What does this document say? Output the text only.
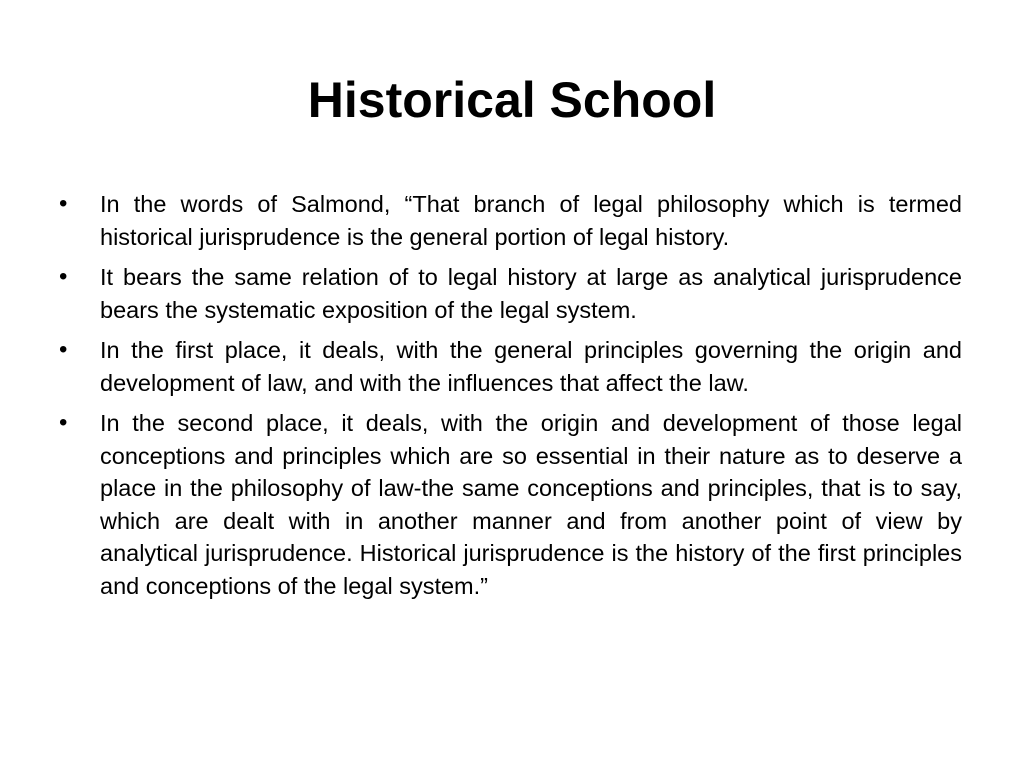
Historical School
•	In the words of Salmond, “That branch of legal philosophy which is termed historical jurisprudence is the general portion of legal history.
•	It bears the same relation of to legal history at large as analytical jurisprudence bears the systematic exposition of the legal system.
•	In the first place, it deals, with the general principles governing the origin and development of law, and with the influences that affect the law.
•	In the second place, it deals, with the origin and development of those legal conceptions and principles which are so essential in their nature as to deserve a place in the philosophy of law-the same conceptions and principles, that is to say, which are dealt with in another manner and from another point of view by analytical jurisprudence. Historical jurisprudence is the history of the first principles and conceptions of the legal system.”
